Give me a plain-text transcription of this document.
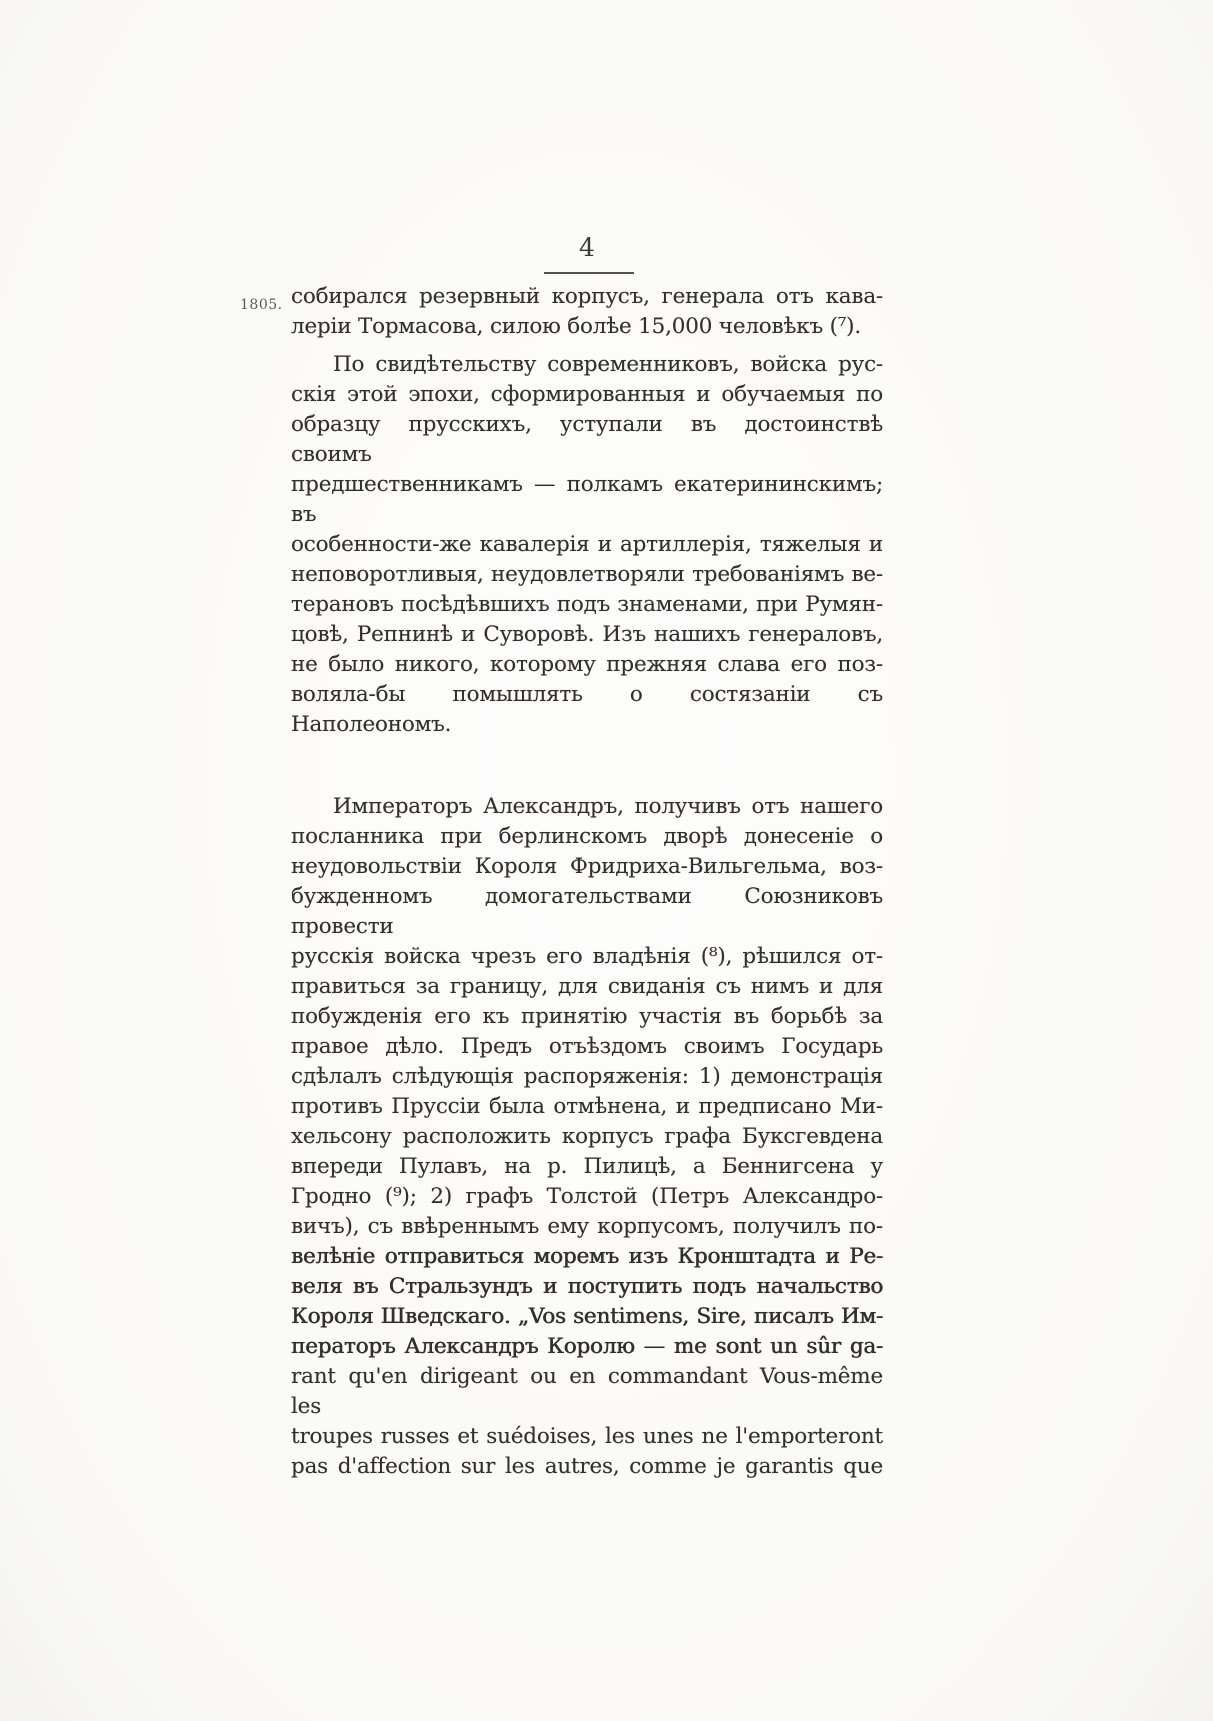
4
1805. собирался резервный корпусъ, генерала отъ кава-
леріи Тормасова, силою болѣе 15,000 человѣкъ (⁷).

По свидѣтельству современниковъ, войска рус-
скія этой эпохи, сформированныя и обучаемыя по
образцу прусскихъ, уступали въ достоинствѣ своимъ
предшественникамъ — полкамъ екатерининскимъ; въ
особенности-же кавалерія и артиллерія, тяжелыя и
неповоротливыя, неудовлетворяли требованіямъ ве-
терановъ посѣдѣвшихъ подъ знаменами, при Румян-
цовѣ, Репнинѣ и Суворовѣ. Изъ нашихъ генераловъ,
не было никого, которому прежняя слава его поз-
воляла-бы помышлять о состязаніи съ Наполеономъ.

Императоръ Александръ, получивъ отъ нашего
посланника при берлинскомъ дворѣ донесеніе о
неудовольствіи Короля Фридриха-Вильгельма, воз-
бужденномъ домогательствами Союзниковъ провести
русскія войска чрезъ его владѣнія (⁸), рѣшился от-
правиться за границу, для свиданія съ нимъ и для
побужденія его къ принятію участія въ борьбѣ за
правое дѣло. Предъ отъѣздомъ своимъ Государь
сдѣлалъ слѣдующія распоряженія: 1) демонстрація
противъ Пруссіи была отмѣнена, и предписано Ми-
хельсону расположить корпусъ графа Буксгевдена
впереди Пулавъ, на р. Пилицѣ, а Беннигсена у
Гродно (⁹); 2) графъ Толстой (Петръ Александро-
вичъ), съ ввѣреннымъ ему корпусомъ, получилъ по-
велѣніе отправиться моремъ изъ Кронштадта и Ре-
веля въ Стральзундъ и поступить подъ начальство
Короля Шведскаго. „Vos sentimens, Sire, писалъ Им-
ператоръ Александръ Королю — me sont un sûr ga-
rant qu'en dirigeant ou en commandant Vous-même les
troupes russes et suédoises, les unes ne l'emporteront
pas d'affection sur les autres, comme je garantis que
